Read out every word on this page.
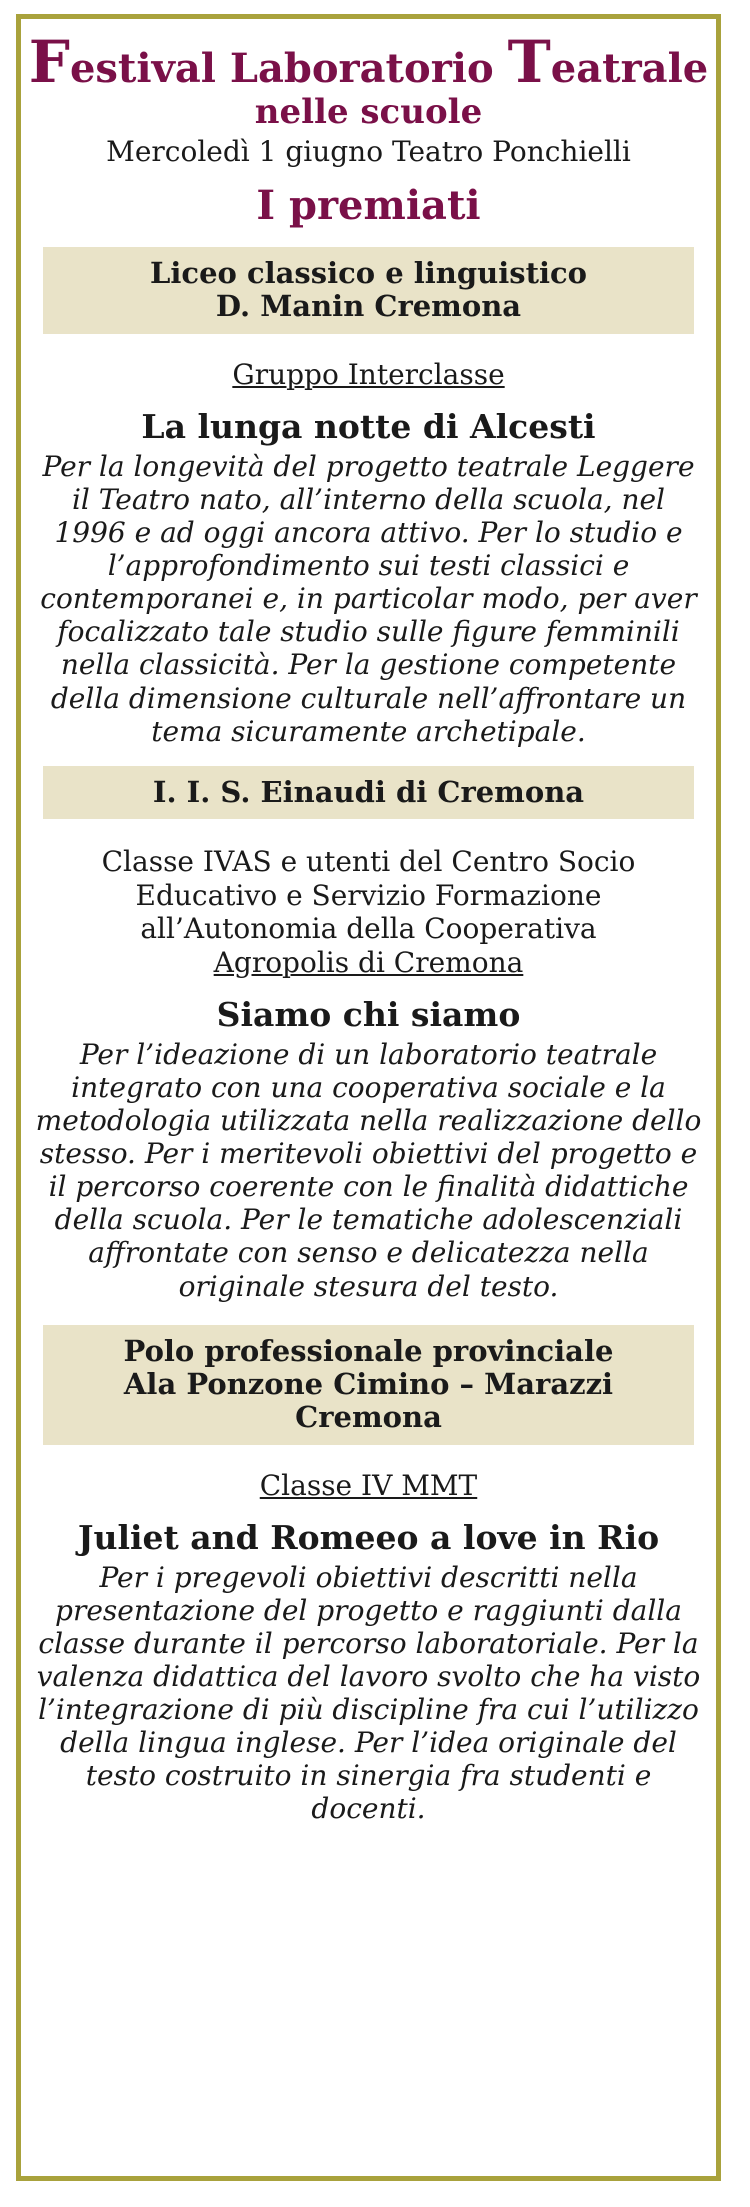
Festival Laboratorio Teatrale
nelle scuole
Mercoledì 1 giugno Teatro Ponchielli
I premiati
Liceo classico e linguistico
D. Manin Cremona
Gruppo Interclasse
La lunga notte di Alcesti
Per la longevità del progetto teatrale Leggere il Teatro nato, all’interno della scuola, nel 1996 e ad oggi ancora attivo. Per lo studio e l’approfondimento sui testi classici e contemporanei e, in particolar modo, per aver focalizzato tale studio sulle figure femminili nella classicità. Per la gestione competente della dimensione culturale nell’affrontare un tema sicuramente archetipale.
I. I. S. Einaudi di Cremona
Classe IVAS e utenti del Centro Socio
Educativo e Servizio Formazione
all’Autonomia della Cooperativa
Agropolis di Cremona
Siamo chi siamo
Per l’ideazione di un laboratorio teatrale integrato con una cooperativa sociale e la metodologia utilizzata nella realizzazione dello stesso. Per i meritevoli obiettivi del progetto e il percorso coerente con le finalità didattiche della scuola. Per le tematiche adolescenziali affrontate con senso e delicatezza nella originale stesura del testo.
Polo professionale provinciale
Ala Ponzone Cimino – Marazzi
Cremona
Classe IV MMT
Juliet and Romeeo a love in Rio
Per i pregevoli obiettivi descritti nella presentazione del progetto e raggiunti dalla classe durante il percorso laboratoriale. Per la valenza didattica del lavoro svolto che ha visto l’integrazione di più discipline fra cui l’utilizzo della lingua inglese. Per l’idea originale del testo costruito in sinergia fra studenti e docenti.
